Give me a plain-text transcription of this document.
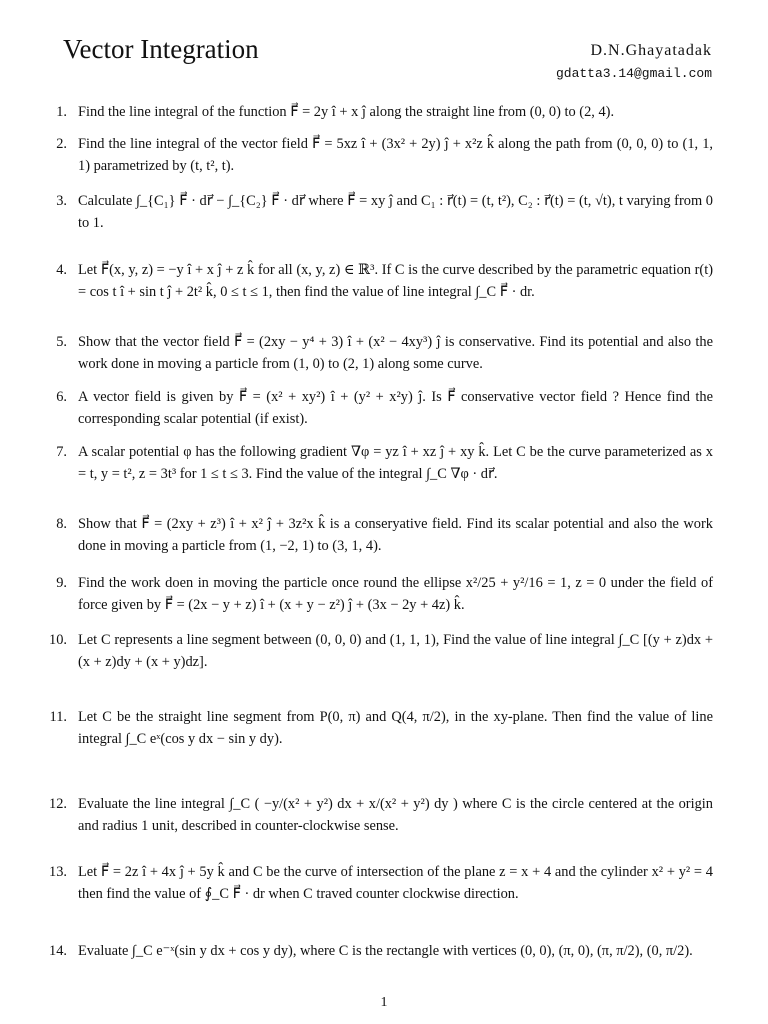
Vector Integration	D.N.Ghayatadak
gdatta3.14@gmail.com
1. Find the line integral of the function F⃗ = 2y î + x ĵ along the straight line from (0, 0) to (2, 4).
2. Find the line integral of the vector field F⃗ = 5xz î + (3x² + 2y) ĵ + x²z k̂ along the path from (0, 0, 0) to (1, 1, 1) parametrized by (t, t², t).
3. Calculate ∫_{C₁} F⃗ · dr⃗ − ∫_{C₂} F⃗ · dr⃗ where F⃗ = xy ĵ and C₁ : r⃗(t) = (t, t²), C₂ : r⃗(t) = (t, √t), t varying from 0 to 1.
4. Let F⃗(x, y, z) = −y î + x ĵ + z k̂ for all (x, y, z) ∈ ℝ³. If C is the curve described by the parametric equation r(t) = cos t î + sin t ĵ + 2t² k̂, 0 ≤ t ≤ 1, then find the value of line integral ∫_C F⃗ · dr.
5. Show that the vector field F⃗ = (2xy − y⁴ + 3) î + (x² − 4xy³) ĵ is conservative. Find its potential and also the work done in moving a particle from (1, 0) to (2, 1) along some curve.
6. A vector field is given by F⃗ = (x² + xy²) î + (y² + x²y) ĵ. Is F⃗ conservative vector field ? Hence find the corresponding scalar potential (if exist).
7. A scalar potential φ has the following gradient ∇φ = yz î + xz ĵ + xy k̂. Let C be the curve parameterized as x = t, y = t², z = 3t³ for 1 ≤ t ≤ 3. Find the value of the integral ∫_C ∇φ · dr⃗.
8. Show that F⃗ = (2xy + z³) î + x² ĵ + 3z²x k̂ is a conseryative field. Find its scalar potential and also the work done in moving a particle from (1, −2, 1) to (3, 1, 4).
9. Find the work doen in moving the particle once round the ellipse x²/25 + y²/16 = 1, z = 0 under the field of force given by F⃗ = (2x − y + z) î + (x + y − z²) ĵ + (3x − 2y + 4z) k̂.
10. Let C represents a line segment between (0, 0, 0) and (1, 1, 1), Find the value of line integral ∫_C [(y + z)dx + (x + z)dy + (x + y)dz].
11. Let C be the straight line segment from P(0, π) and Q(4, π/2), in the xy-plane. Then find the value of line integral ∫_C eˣ(cos y dx − sin y dy).
12. Evaluate the line integral ∫_C ( −y/(x² + y²) dx + x/(x² + y²) dy ) where C is the circle centered at the origin and radius 1 unit, described in counter-clockwise sense.
13. Let F⃗ = 2z î + 4x ĵ + 5y k̂ and C be the curve of intersection of the plane z = x + 4 and the cylinder x² + y² = 4 then find the value of ∮_C F⃗ · dr when C traved counter clockwise direction.
14. Evaluate ∫_C e⁻ˣ(sin y dx + cos y dy), where C is the rectangle with vertices (0, 0), (π, 0), (π, π/2), (0, π/2).
1
